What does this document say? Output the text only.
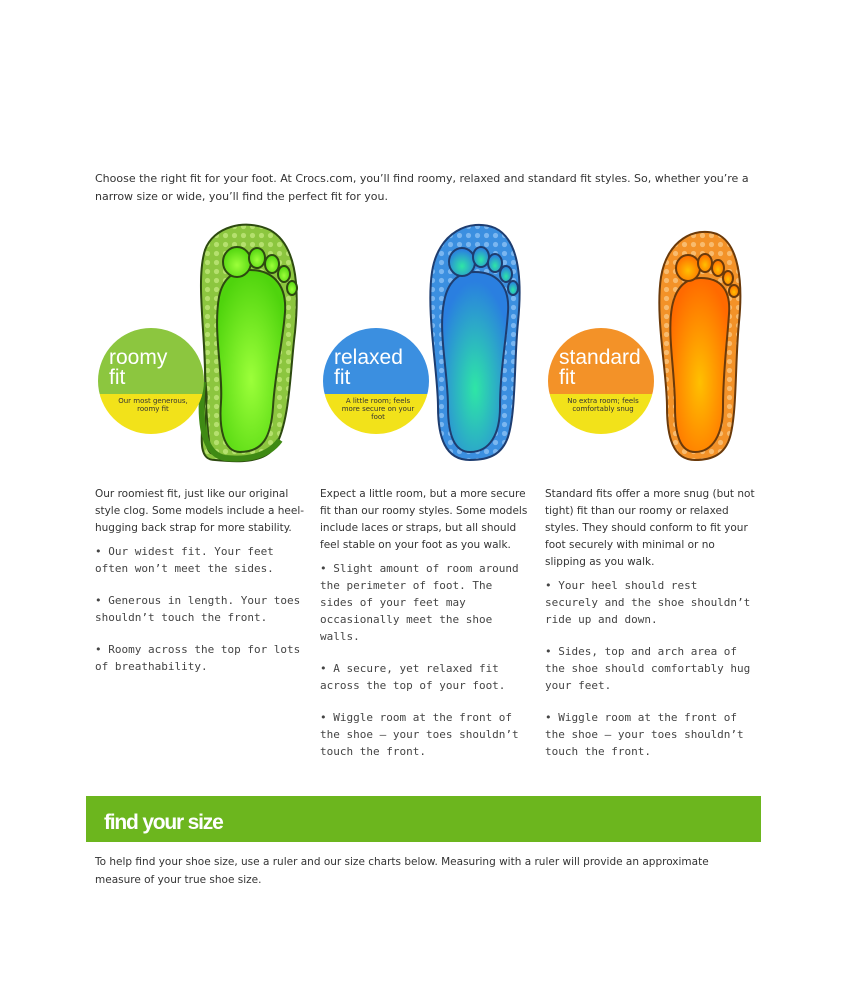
Choose the right fit for your foot. At Crocs.com, you’ll find roomy, relaxed and standard fit styles. So, whether you’re a narrow size or wide, you’ll find the perfect fit for you.
roomy
fit
Our most generous, roomy fit
relaxed
fit
A little room; feels more secure on your foot
standard
fit
No extra room; feels comfortably snug

Our roomiest fit, just like our original style clog. Some models include a heel-hugging back strap for more stability.

• Our widest fit. Your feet often won’t meet the sides.

• Generous in length. Your toes shouldn’t touch the front.

• Roomy across the top for lots of breathability.

Expect a little room, but a more secure fit than our roomy styles. Some models include laces or straps, but all should feel stable on your foot as you walk.

• Slight amount of room around the perimeter of foot. The sides of your feet may occasionally meet the shoe walls.

• A secure, yet relaxed fit across the top of your foot.

• Wiggle room at the front of the shoe – your toes shouldn’t touch the front.

Standard fits offer a more snug (but not tight) fit than our roomy or relaxed styles. They should conform to fit your foot securely with minimal or no slipping as you walk.

• Your heel should rest securely and the shoe shouldn’t ride up and down.

• Sides, top and arch area of the shoe should comfortably hug your feet.

• Wiggle room at the front of the shoe – your toes shouldn’t touch the front.

find your size
To help find your shoe size, use a ruler and our size charts below. Measuring with a ruler will provide an approximate measure of your true shoe size.
